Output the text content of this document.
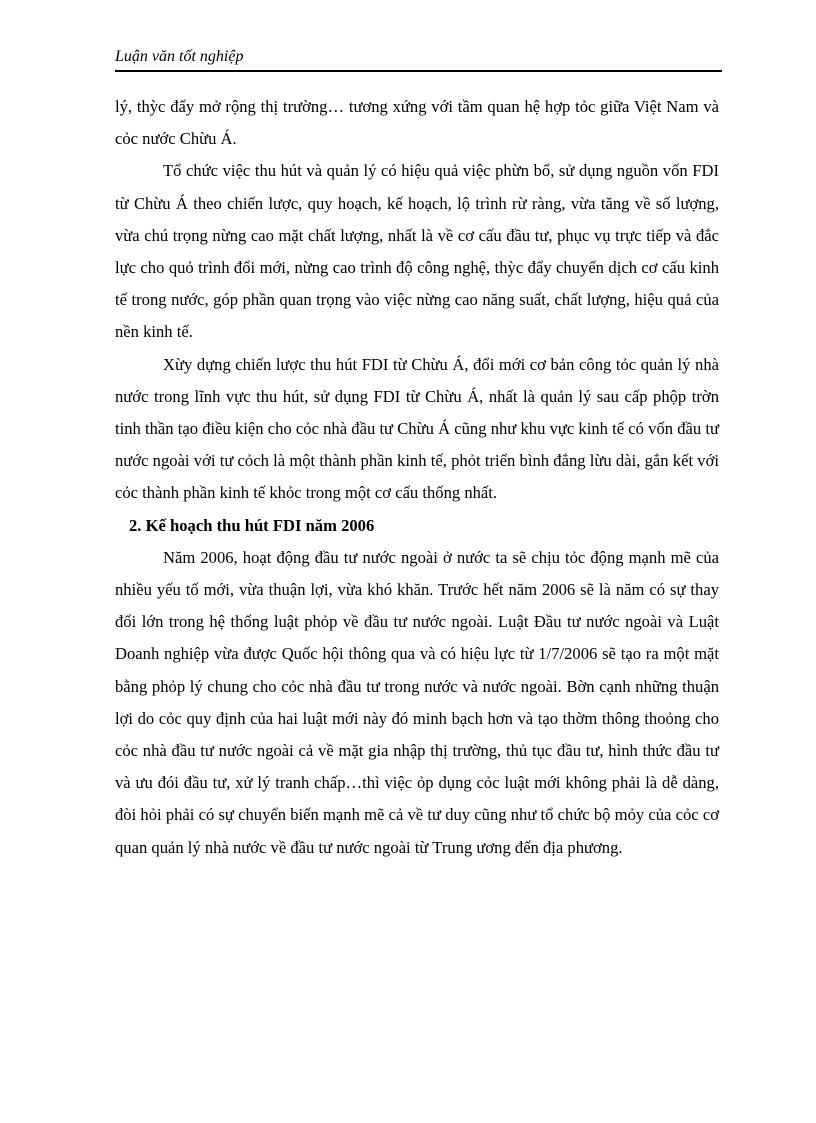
Luận văn tốt nghiệp

lý, thỳc đẩy mở rộng thị trường… tương xứng với tầm quan hệ hợp tỏc giữa Việt Nam và cỏc nước Chừu Á.

Tổ chức việc thu hút và quản lý có hiệu quả việc phừn bổ, sử dụng nguồn vốn FDI từ Chừu Á theo chiến lược, quy hoạch, kế hoạch, lộ trình rừ ràng, vừa tăng về số lượng, vừa chú trọng nừng cao mặt chất lượng, nhất là về cơ cấu đầu tư, phục vụ trực tiếp và đắc lực cho quỏ trình đổi mới, nừng cao trình độ công nghệ, thỳc đẩy chuyển dịch cơ cấu kinh tế trong nước, góp phần quan trọng vào việc nừng cao năng suất, chất lượng, hiệu quả của nền kinh tế.

Xừy dựng chiến lược thu hút FDI từ Chừu Á, đổi mới cơ bản công tỏc quản lý nhà nước trong lĩnh vực thu hút, sử dụng FDI từ Chừu Á, nhất là quản lý sau cấp phộp trờn tinh thần tạo điều kiện cho cỏc nhà đầu tư Chừu Á cũng như khu vực kinh tế có vốn đầu tư nước ngoài với tư cỏch là một thành phần kinh tế, phỏt triển bình đẳng lừu dài, gắn kết với cỏc thành phần kinh tế khỏc trong một cơ cấu thống nhất.

2. Kế hoạch thu hút FDI năm 2006

Năm 2006, hoạt động đầu tư nước ngoài ở nước ta sẽ chịu tỏc động mạnh mẽ của nhiều yếu tố mới, vừa thuận lợi, vừa khó khăn. Trước hết năm 2006 sẽ là năm có sự thay đổi lớn trong hệ thống luật phỏp về đầu tư nước ngoài. Luật Đầu tư nước ngoài và Luật Doanh nghiệp vừa được Quốc hội thông qua và có hiệu lực từ 1/7/2006 sẽ tạo ra một mặt bằng phỏp lý chung cho cỏc nhà đầu tư trong nước và nước ngoài. Bờn cạnh những thuận lợi do cỏc quy định của hai luật mới này đó minh bạch hơn và tạo thờm thông thoỏng cho cỏc nhà đầu tư nước ngoài cả về mặt gia nhập thị trường, thủ tục đầu tư, hình thức đầu tư và ưu đói đầu tư, xử lý tranh chấp…thì việc ỏp dụng cỏc luật mới không phải là dễ dàng, đòi hỏi phải có sự chuyển biến mạnh mẽ cả về tư duy cũng như tổ chức bộ mỏy của cỏc cơ quan quản lý nhà nước về đầu tư nước ngoài từ Trung ương đến địa phương.
